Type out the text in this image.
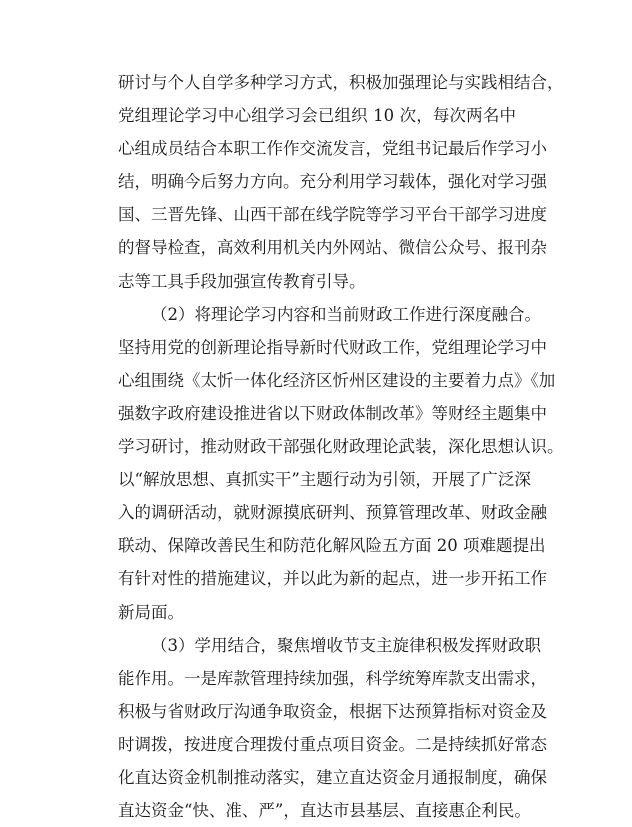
研讨与个人自学多种学习方式，积极加强理论与实践相结合，
党组理论学习中心组学习会已组织 10 次，每次两名中
心组成员结合本职工作作交流发言，党组书记最后作学习小
结，明确今后努力方向。充分利用学习载体，强化对学习强
国、三晋先锋、山西干部在线学院等学习平台干部学习进度
的督导检查，高效利用机关内外网站、微信公众号、报刊杂
志等工具手段加强宣传教育引导。
（2）将理论学习内容和当前财政工作进行深度融合。
坚持用党的创新理论指导新时代财政工作，党组理论学习中
心组围绕《太忻一体化经济区忻州区建设的主要着力点》《加
强数字政府建设推进省以下财政体制改革》等财经主题集中
学习研讨，推动财政干部强化财政理论武装，深化思想认识。
以“解放思想、真抓实干”主题行动为引领，开展了广泛深
入的调研活动，就财源摸底研判、预算管理改革、财政金融
联动、保障改善民生和防范化解风险五方面 20 项难题提出
有针对性的措施建议，并以此为新的起点，进一步开拓工作
新局面。
（3）学用结合，聚焦增收节支主旋律积极发挥财政职
能作用。一是库款管理持续加强，科学统筹库款支出需求，
积极与省财政厅沟通争取资金，根据下达预算指标对资金及
时调拨，按进度合理拨付重点项目资金。二是持续抓好常态
化直达资金机制推动落实，建立直达资金月通报制度，确保
直达资金“快、准、严”，直达市县基层、直接惠企利民。
